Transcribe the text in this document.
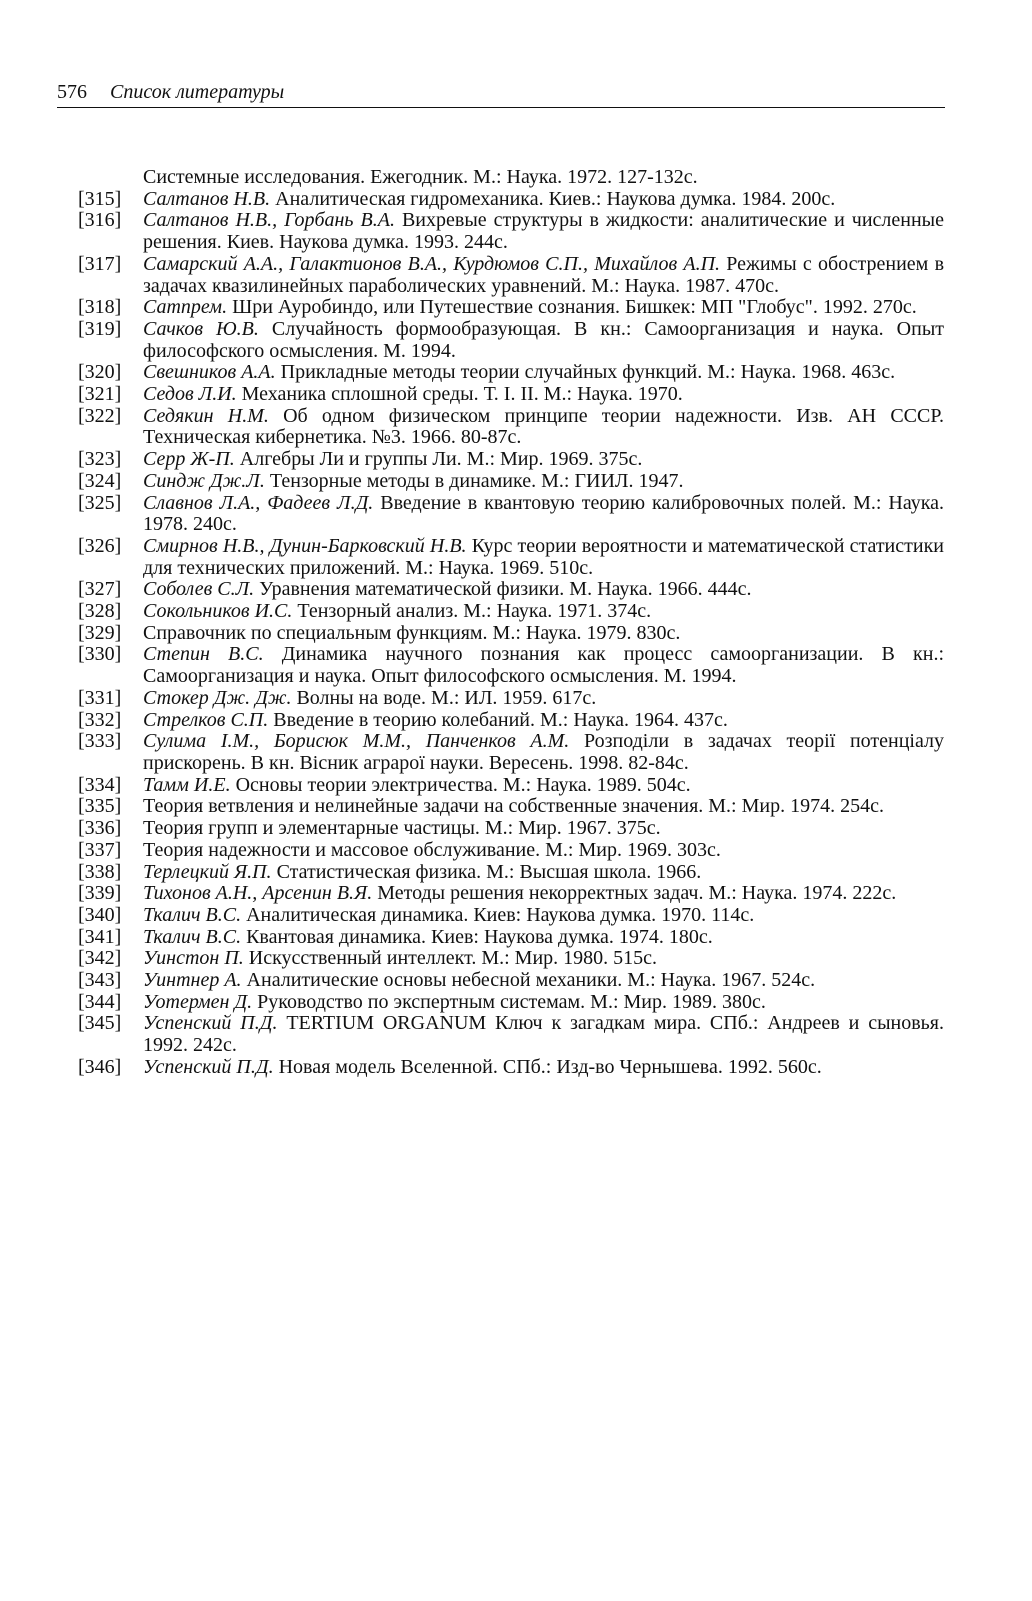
576 Список литературы
Системные исследования. Ежегодник. М.: Наука. 1972. 127-132с.
[315]	Салтанов Н.В. Аналитическая гидромеханика. Киев.: Наукова думка. 1984. 200с.
[316]	Салтанов Н.В., Горбань В.А. Вихревые структуры в жидкости: аналитические и численные решения. Киев. Наукова думка. 1993. 244с.
[317]	Самарский А.А., Галактионов В.А., Курдюмов С.П., Михайлов А.П. Режимы с обострением в задачах квазилинейных параболических уравнений. М.: Наука. 1987. 470с.
[318]	Сатпрем. Шри Ауробиндо, или Путешествие сознания. Бишкек: МП "Глобус". 1992. 270с.
[319]	Сачков Ю.В. Случайность формообразующая. В кн.: Самоорганизация и наука. Опыт философского осмысления. М. 1994.
[320]	Свешников А.А. Прикладные методы теории случайных функций. М.: Наука. 1968. 463с.
[321]	Седов Л.И. Механика сплошной среды. Т. I. II. М.: Наука. 1970.
[322]	Седякин Н.М. Об одном физическом принципе теории надежности. Изв. АН СССР. Техническая кибернетика. №3. 1966. 80-87с.
[323]	Серр Ж-П. Алгебры Ли и группы Ли. М.: Мир. 1969. 375с.
[324]	Синдж Дж.Л. Тензорные методы в динамике. М.: ГИИЛ. 1947.
[325]	Славнов Л.А., Фадеев Л.Д. Введение в квантовую теорию калибровочных полей. М.: Наука. 1978. 240с.
[326]	Смирнов Н.В., Дунин-Барковский Н.В. Курс теории вероятности и математической статистики для технических приложений. М.: Наука. 1969. 510с.
[327]	Соболев С.Л. Уравнения математической физики. М. Наука. 1966. 444с.
[328]	Сокольников И.С. Тензорный анализ. М.: Наука. 1971. 374с.
[329]	Справочник по специальным функциям. М.: Наука. 1979. 830с.
[330]	Степин В.С. Динамика научного познания как процесс самоорганизации. В кн.: Самоорганизация и наука. Опыт философского осмысления. М. 1994.
[331]	Стокер Дж. Дж. Волны на воде. М.: ИЛ. 1959. 617с.
[332]	Стрелков С.П. Введение в теорию колебаний. М.: Наука. 1964. 437с.
[333]	Сулима І.М., Борисюк М.М., Панченков А.М. Розподіли в задачах теорії потенціалу прискорень. В кн. Вісник аграрої науки. Вересень. 1998. 82-84с.
[334]	Тамм И.Е. Основы теории электричества. М.: Наука. 1989. 504с.
[335]	Теория ветвления и нелинейные задачи на собственные значения. М.: Мир. 1974. 254с.
[336]	Теория групп и элементарные частицы. М.: Мир. 1967. 375с.
[337]	Теория надежности и массовое обслуживание. М.: Мир. 1969. 303с.
[338]	Терлецкий Я.П. Статистическая физика. М.: Высшая школа. 1966.
[339]	Тихонов А.Н., Арсенин В.Я. Методы решения некорректных задач. М.: Наука. 1974. 222с.
[340]	Ткалич В.С. Аналитическая динамика. Киев: Наукова думка. 1970. 114с.
[341]	Ткалич В.С. Квантовая динамика. Киев: Наукова думка. 1974. 180с.
[342]	Уинстон П. Искусственный интеллект. М.: Мир. 1980. 515с.
[343]	Уинтнер А. Аналитические основы небесной механики. М.: Наука. 1967. 524с.
[344]	Уотермен Д. Руководство по экспертным системам. М.: Мир. 1989. 380с.
[345]	Успенский П.Д. TERTIUM ORGANUM Ключ к загадкам мира. СПб.: Андреев и сыновья. 1992. 242с.
[346]	Успенский П.Д. Новая модель Вселенной. СПб.: Изд-во Чернышева. 1992. 560с.
